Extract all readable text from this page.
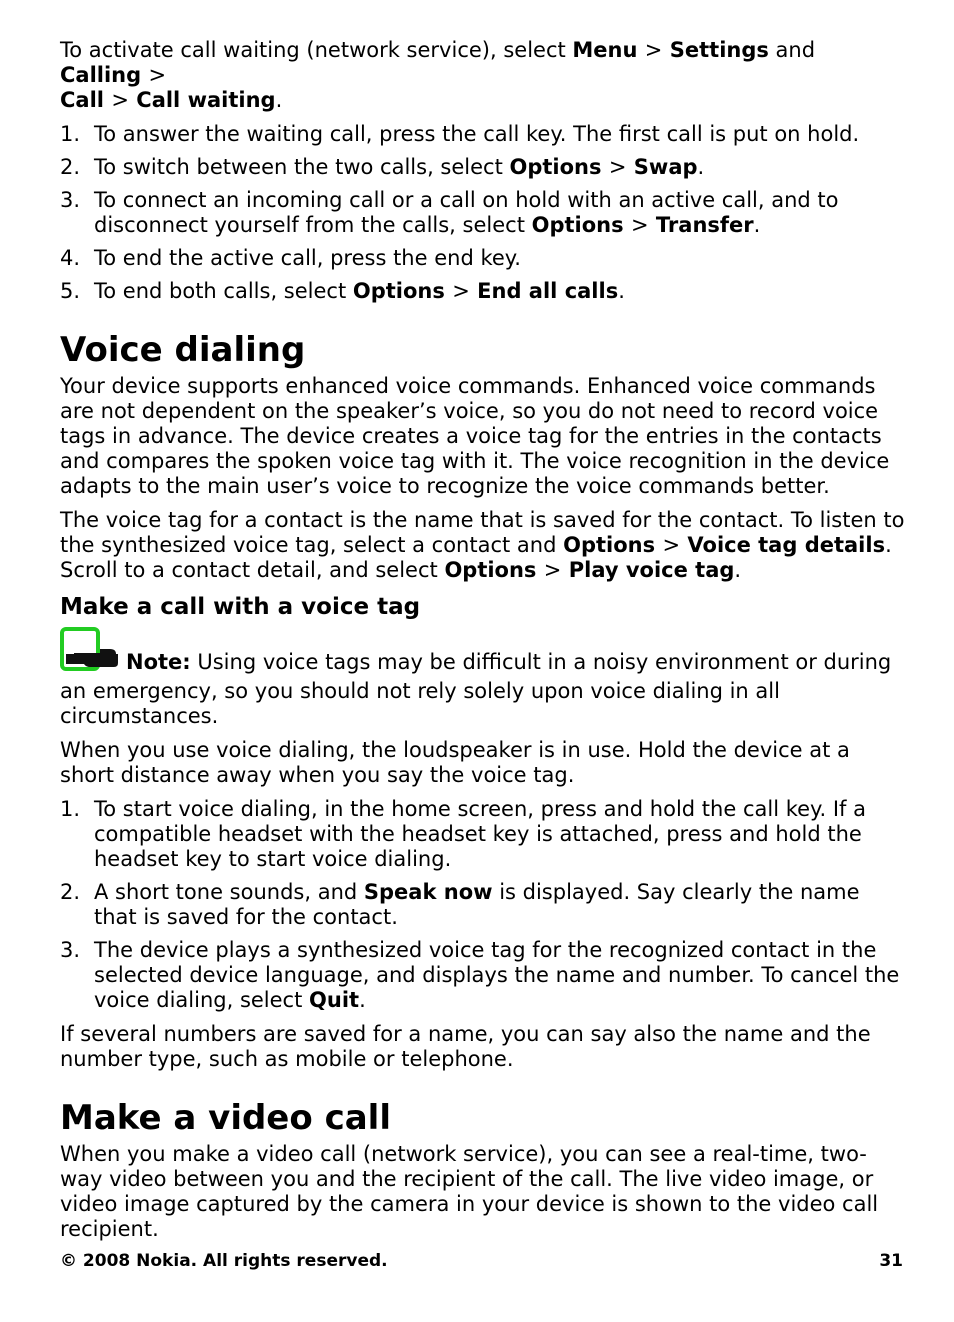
To activate call waiting (network service), select Menu > Settings and Calling >
Call > Call waiting.

1. To answer the waiting call, press the call key. The first call is put on hold.
2. To switch between the two calls, select Options > Swap.
3. To connect an incoming call or a call on hold with an active call, and to disconnect yourself from the calls, select Options > Transfer.
4. To end the active call, press the end key.
5. To end both calls, select Options > End all calls.
Voice dialing

Your device supports enhanced voice commands. Enhanced voice commands are not dependent on the speaker’s voice, so you do not need to record voice tags in advance. The device creates a voice tag for the entries in the contacts and compares the spoken voice tag with it. The voice recognition in the device adapts to the main user’s voice to recognize the voice commands better.

The voice tag for a contact is the name that is saved for the contact. To listen to the synthesized voice tag, select a contact and Options > Voice tag details. Scroll to a contact detail, and select Options > Play voice tag.

Make a call with a voice tag

Note: Using voice tags may be difficult in a noisy environment or during an emergency, so you should not rely solely upon voice dialing in all circumstances.

When you use voice dialing, the loudspeaker is in use. Hold the device at a short distance away when you say the voice tag.

1. To start voice dialing, in the home screen, press and hold the call key. If a compatible headset with the headset key is attached, press and hold the headset key to start voice dialing.
2. A short tone sounds, and Speak now is displayed. Say clearly the name that is saved for the contact.
3. The device plays a synthesized voice tag for the recognized contact in the selected device language, and displays the name and number. To cancel the voice dialing, select Quit.

If several numbers are saved for a name, you can say also the name and the number type, such as mobile or telephone.

Make a video call

When you make a video call (network service), you can see a real-time, two-way video between you and the recipient of the call. The live video image, or video image captured by the camera in your device is shown to the video call recipient.

© 2008 Nokia. All rights reserved.	31
